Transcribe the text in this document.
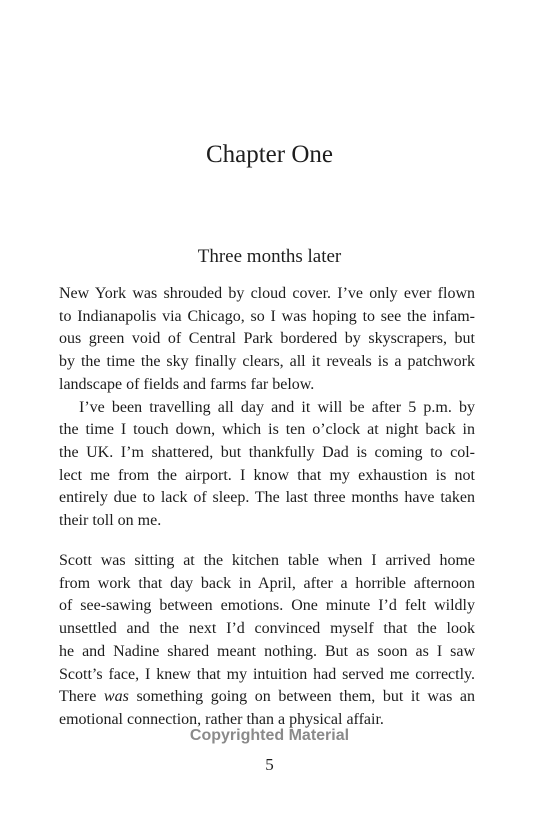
Chapter One
Three months later
New York was shrouded by cloud cover. I’ve only ever flown
to Indianapolis via Chicago, so I was hoping to see the infam-
ous green void of Central Park bordered by skyscrapers, but
by the time the sky finally clears, all it reveals is a patchwork
landscape of fields and farms far below.
I’ve been travelling all day and it will be after 5 p.m. by
the time I touch down, which is ten o’clock at night back in
the UK. I’m shattered, but thankfully Dad is coming to col-
lect me from the airport. I know that my exhaustion is not
entirely due to lack of sleep. The last three months have taken
their toll on me.
Scott was sitting at the kitchen table when I arrived home
from work that day back in April, after a horrible afternoon
of see-sawing between emotions. One minute I’d felt wildly
unsettled and the next I’d convinced myself that the look
he and Nadine shared meant nothing. But as soon as I saw
Scott’s face, I knew that my intuition had served me correctly.
There was something going on between them, but it was an
emotional connection, rather than a physical affair.
Copyrighted Material
5
